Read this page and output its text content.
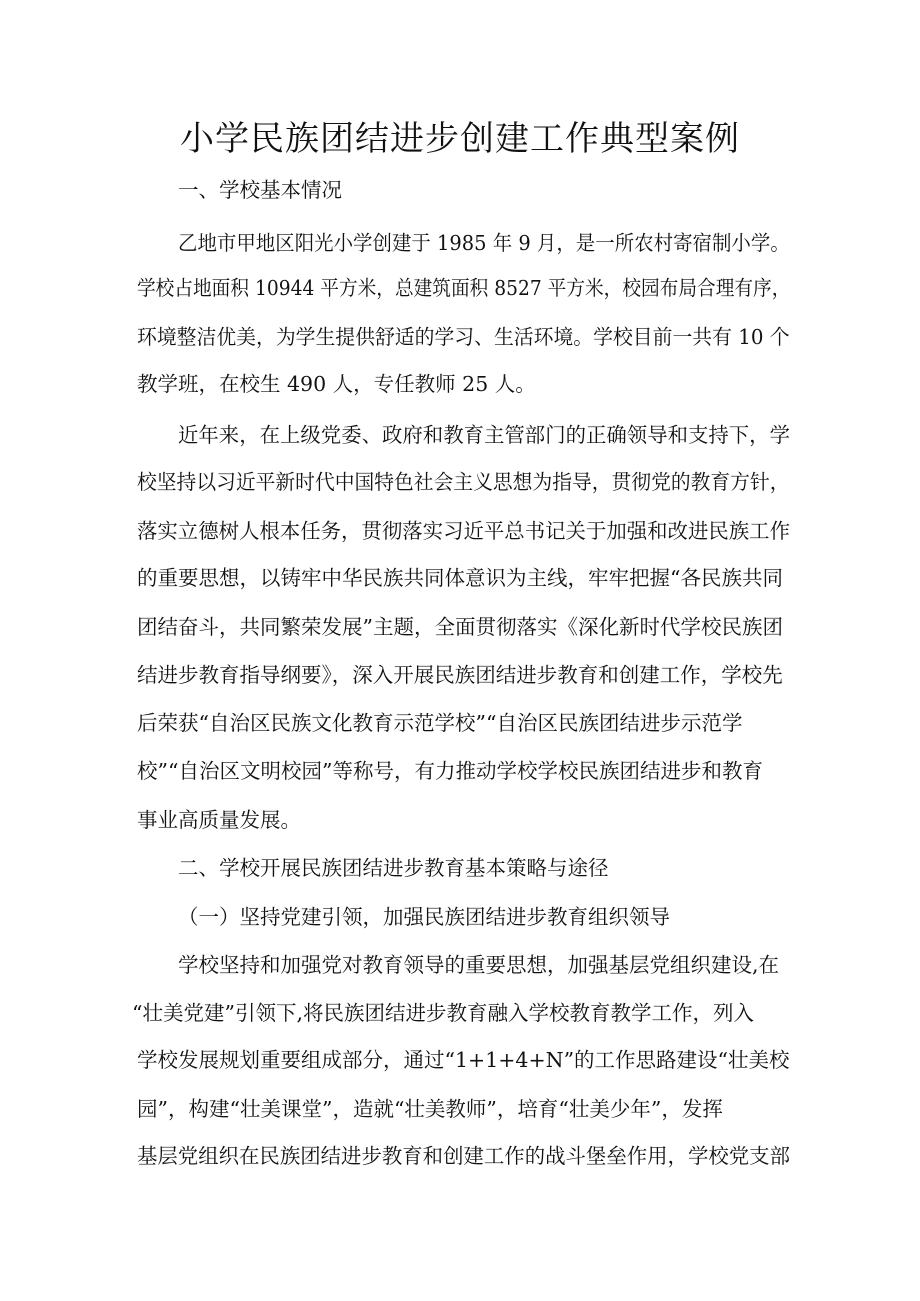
小学民族团结进步创建工作典型案例
一、学校基本情况
乙地市甲地区阳光小学创建于 1985 年 9 月，是一所农村寄宿制小学。
学校占地面积 10944 平方米，总建筑面积 8527 平方米，校园布局合理有序，
环境整洁优美，为学生提供舒适的学习、生活环境。学校目前一共有 10 个
教学班，在校生 490 人，专任教师 25 人。
近年来，在上级党委、政府和教育主管部门的正确领导和支持下，学
校坚持以习近平新时代中国特色社会主义思想为指导，贯彻党的教育方针，
落实立德树人根本任务，贯彻落实习近平总书记关于加强和改进民族工作
的重要思想，以铸牢中华民族共同体意识为主线，牢牢把握“各民族共同
团结奋斗，共同繁荣发展”主题，全面贯彻落实《深化新时代学校民族团
结进步教育指导纲要》，深入开展民族团结进步教育和创建工作，学校先
后荣获“自治区民族文化教育示范学校”“自治区民族团结进步示范学
校”“自治区文明校园”等称号，有力推动学校学校民族团结进步和教育
事业高质量发展。
二、学校开展民族团结进步教育基本策略与途径
（一）坚持党建引领，加强民族团结进步教育组织领导
学校坚持和加强党对教育领导的重要思想，加强基层党组织建设,在
“壮美党建”引领下,将民族团结进步教育融入学校教育教学工作，列入
学校发展规划重要组成部分，通过“1+1+4+N”的工作思路建设“壮美校
园”，构建“壮美课堂”，造就“壮美教师”，培育“壮美少年”，发挥
基层党组织在民族团结进步教育和创建工作的战斗堡垒作用，学校党支部
